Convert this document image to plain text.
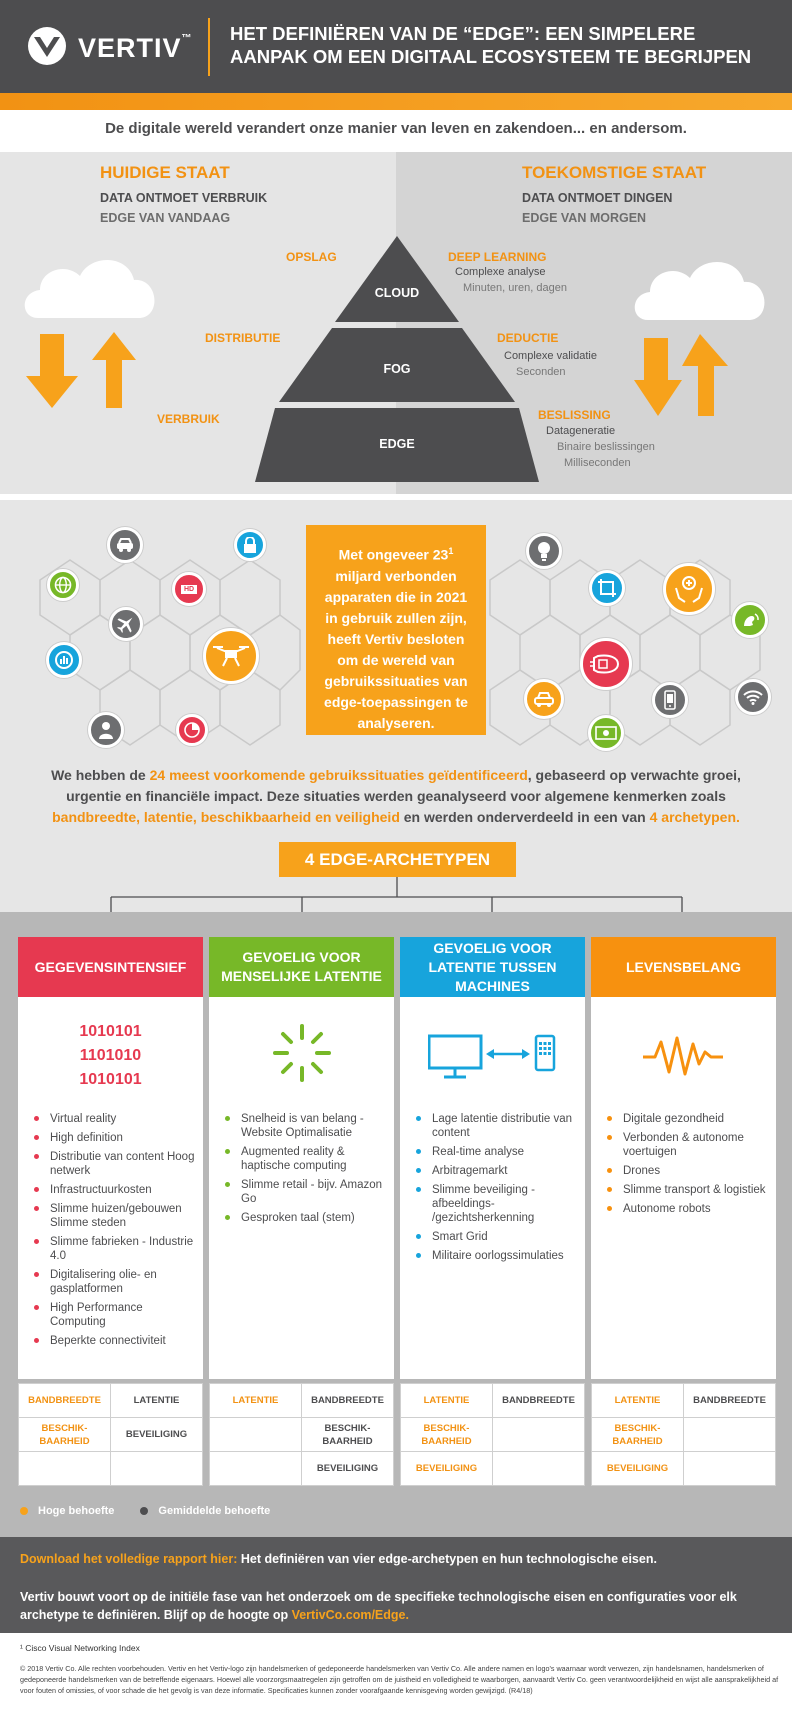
VERTIV™ HET DEFINIËREN VAN DE “EDGE”: EEN SIMPELERE AANPAK OM EEN DIGITAAL ECOSYSTEEM TE BEGRIJPEN
De digitale wereld verandert onze manier van leven en zakendoen... en andersom.
HUIDIGE STAAT
DATA ONTMOET VERBRUIK
EDGE VAN VANDAAG
TOEKOMSTIGE STAAT
DATA ONTMOET DINGEN
EDGE VAN MORGEN
CLOUD
FOG
EDGE
OPSLAG
DISTRIBUTIE
VERBRUIK
DEEP LEARNING
Complexe analyse
Minuten, uren, dagen
DEDUCTIE
Complexe validatie
Seconden
BESLISSING
Datageneratie
Binaire beslissingen
Milliseconden
HD
Met ongeveer $23^1$ miljard verbonden apparaten die in 2021 in gebruik zullen zijn, heeft Vertiv besloten om de wereld van gebruikssituaties van edge-toepassingen te analyseren.
We hebben de 24 meest voorkomende gebruikssituaties geïdentificeerd, gebaseerd op verwachte groei, urgentie en financiële impact. Deze situaties werden geanalyseerd voor algemene kenmerken zoals bandbreedte, latentie, beschikbaarheid en veiligheid en werden onderverdeeld in een van 4 archetypen.
4 EDGE-ARCHETYPEN
GEGEVENSINTENSIEF
1010101
1101010
1010101
Virtual reality
High definition
Distributie van content Hoog netwerk
Infrastructuurkosten
Slimme huizen/gebouwen Slimme steden
Slimme fabrieken - Industrie 4.0
Digitalisering olie- en gasplatformen
High Performance Computing
Beperkte connectiviteit
GEVOELIG VOOR MENSELIJKE LATENTIE
Snelheid is van belang -Website Optimalisatie
Augmented reality & haptische computing
Slimme retail - bijv. Amazon Go
Gesproken taal (stem)
GEVOELIG VOOR LATENTIE TUSSEN MACHINES
Lage latentie distributie van content
Real-time analyse
Arbitragemarkt
Slimme beveiliging - afbeeldings- /gezichtsherkenning
Smart Grid
Militaire oorlogssimulaties
LEVENSBELANG
Digitale gezondheid
Verbonden & autonome voertuigen
Drones
Slimme transport & logistiek
Autonome robots
BANDBREEDTE	LATENTIE
BESCHIK-BAARHEID	BEVEILIGING

LATENTIE	BANDBREEDTE
	BESCHIK-BAARHEID
	BEVEILIGING
LATENTIE	BANDBREEDTE
BESCHIK-BAARHEID	
BEVEILIGING	
LATENTIE	BANDBREEDTE
BESCHIK-BAARHEID	
BEVEILIGING	
Hoge behoefte	Gemiddelde behoefte
Download het volledige rapport hier: Het definiëren van vier edge-archetypen en hun technologische eisen.
Vertiv bouwt voort op de initiële fase van het onderzoek om de specifieke technologische eisen en configuraties voor elk archetype te definiëren. Blijf op de hoogte op VertivCo.com/Edge.
¹ Cisco Visual Networking Index
© 2018 Vertiv Co. Alle rechten voorbehouden. Vertiv en het Vertiv-logo zijn handelsmerken of gedeponeerde handelsmerken van Vertiv Co. Alle andere namen en logo's waarnaar wordt verwezen, zijn handelsnamen, handelsmerken of gedeponeerde handelsmerken van de betreffende eigenaars. Hoewel alle voorzorgsmaatregelen zijn getroffen om de juistheid en volledigheid te waarborgen, aanvaardt Vertiv Co. geen verantwoordelijkheid en wijst alle aansprakelijkheid af voor fouten of omissies, of voor schade die het gevolg is van deze informatie. Specificaties kunnen zonder voorafgaande kennisgeving worden gewijzigd. (R4/18)
